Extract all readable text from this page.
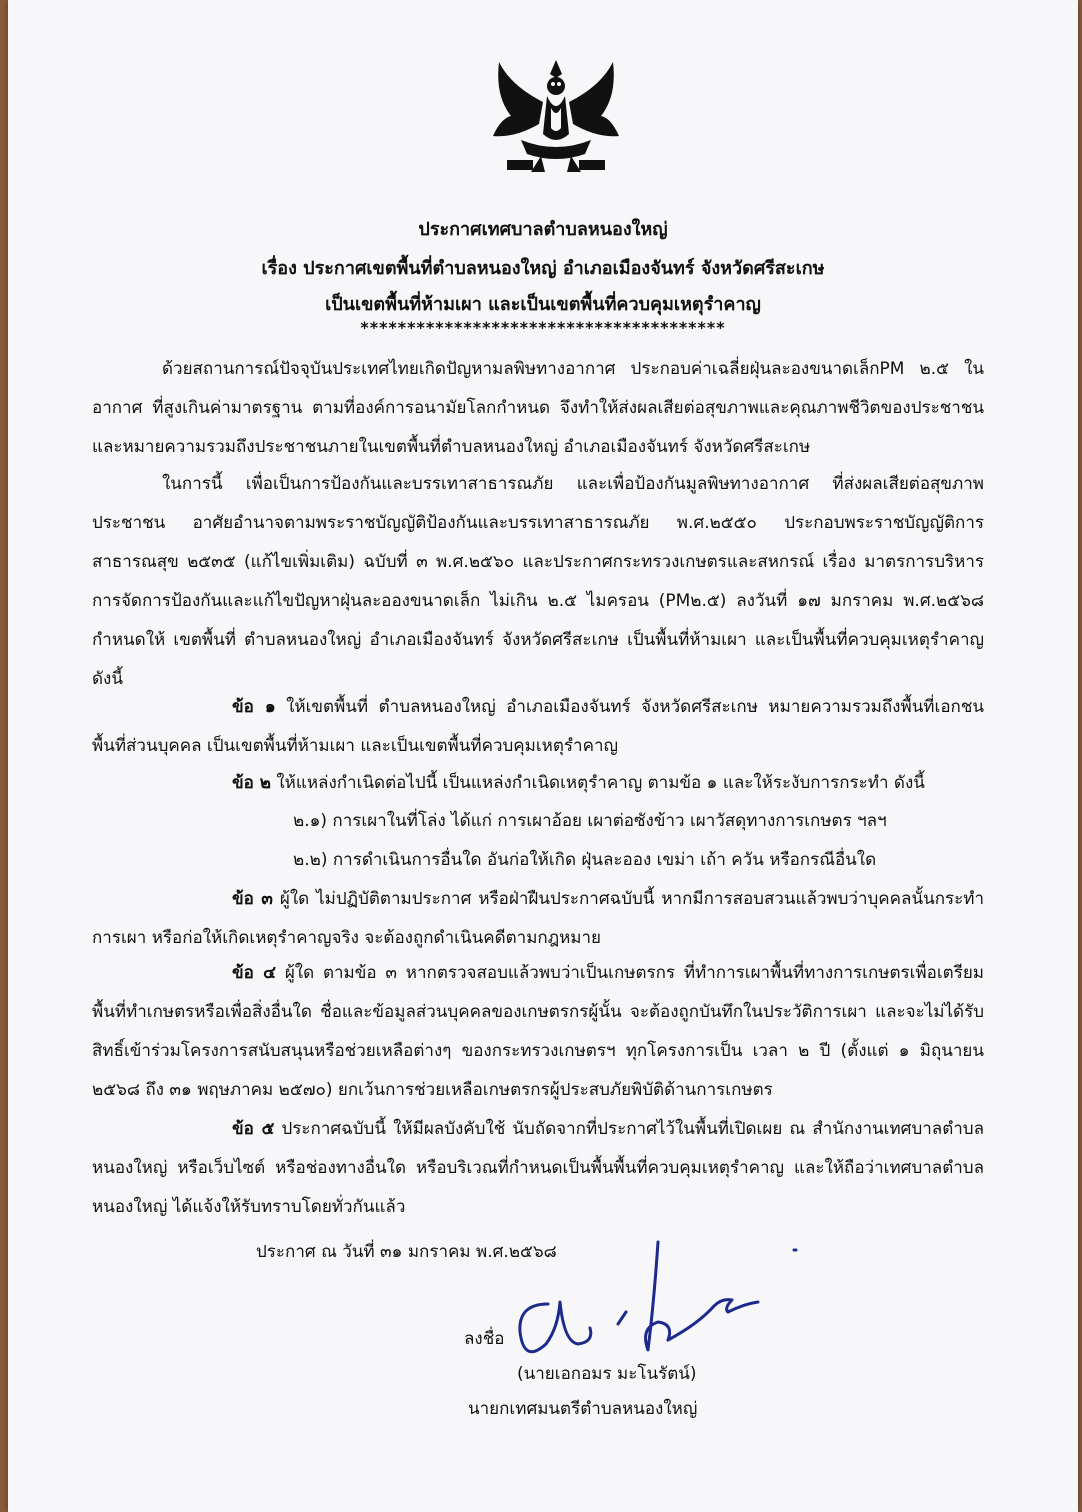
ประกาศเทศบาลตำบลหนองใหญ่
เรื่อง ประกาศเขตพื้นที่ตำบลหนองใหญ่ อำเภอเมืองจันทร์ จังหวัดศรีสะเกษ
เป็นเขตพื้นที่ห้ามเผา และเป็นเขตพื้นที่ควบคุมเหตุรำคาญ
***************************************
ด้วยสถานการณ์ปัจจุบันประเทศไทยเกิดปัญหามลพิษทางอากาศ ประกอบค่าเฉลี่ยฝุ่นละองขนาดเล็กPM ๒.๕ ในอากาศ ที่สูงเกินค่ามาตรฐาน ตามที่องค์การอนามัยโลกกำหนด จึงทำให้ส่งผลเสียต่อสุขภาพและคุณภาพชีวิตของประชาชน และหมายความรวมถึงประชาชนภายในเขตพื้นที่ตำบลหนองใหญ่ อำเภอเมืองจันทร์ จังหวัดศรีสะเกษ
ในการนี้ เพื่อเป็นการป้องกันและบรรเทาสาธารณภัย และเพื่อป้องกันมูลพิษทางอากาศ ที่ส่งผลเสียต่อสุขภาพประชาชน อาศัยอำนาจตามพระราชบัญญัติป้องกันและบรรเทาสาธารณภัย พ.ศ.๒๕๕๐ ประกอบพระราชบัญญัติการสาธารณสุข ๒๕๓๕ (แก้ไขเพิ่มเติม) ฉบับที่ ๓ พ.ศ.๒๕๖๐ และประกาศกระทรวงเกษตรและสหกรณ์ เรื่อง มาตรการบริหารการจัดการป้องกันและแก้ไขปัญหาฝุ่นละอองขนาดเล็ก ไม่เกิน ๒.๕ ไมครอน (PM๒.๕) ลงวันที่ ๑๗ มกราคม พ.ศ.๒๕๖๘ กำหนดให้ เขตพื้นที่ ตำบลหนองใหญ่ อำเภอเมืองจันทร์ จังหวัดศรีสะเกษ เป็นพื้นที่ห้ามเผา และเป็นพื้นที่ควบคุมเหตุรำคาญ ดังนี้
ข้อ ๑ ให้เขตพื้นที่ ตำบลหนองใหญ่ อำเภอเมืองจันทร์ จังหวัดศรีสะเกษ หมายความรวมถึงพื้นที่เอกชน พื้นที่ส่วนบุคคล เป็นเขตพื้นที่ห้ามเผา และเป็นเขตพื้นที่ควบคุมเหตุรำคาญ
ข้อ ๒ ให้แหล่งกำเนิดต่อไปนี้ เป็นแหล่งกำเนิดเหตุรำคาญ ตามข้อ ๑ และให้ระงับการกระทำ ดังนี้
๒.๑) การเผาในที่โล่ง ได้แก่ การเผาอ้อย เผาต่อซังข้าว เผาวัสดุทางการเกษตร ฯลฯ
๒.๒) การดำเนินการอื่นใด อันก่อให้เกิด ฝุ่นละออง เขม่า เถ้า ควัน หรือกรณีอื่นใด
ข้อ ๓ ผู้ใด ไม่ปฏิบัติตามประกาศ หรือฝ่าฝืนประกาศฉบับนี้ หากมีการสอบสวนแล้วพบว่าบุคคลนั้นกระทำการเผา หรือก่อให้เกิดเหตุรำคาญจริง จะต้องถูกดำเนินคดีตามกฎหมาย
ข้อ ๔ ผู้ใด ตามข้อ ๓ หากตรวจสอบแล้วพบว่าเป็นเกษตรกร ที่ทำการเผาพื้นที่ทางการเกษตรเพื่อเตรียมพื้นที่ทำเกษตรหรือเพื่อสิ่งอื่นใด ชื่อและข้อมูลส่วนบุคคลของเกษตรกรผู้นั้น จะต้องถูกบันทึกในประวัติการเผา และจะไม่ได้รับสิทธิ์เข้าร่วมโครงการสนับสนุนหรือช่วยเหลือต่างๆ ของกระทรวงเกษตรฯ ทุกโครงการเป็น เวลา ๒ ปี (ตั้งแต่ ๑ มิถุนายน ๒๕๖๘ ถึง ๓๑ พฤษภาคม ๒๕๗๐) ยกเว้นการช่วยเหลือเกษตรกรผู้ประสบภัยพิบัติด้านการเกษตร
ข้อ ๕ ประกาศฉบับนี้ ให้มีผลบังคับใช้ นับถัดจากที่ประกาศไว้ในพื้นที่เปิดเผย ณ สำนักงานเทศบาลตำบลหนองใหญ่ หรือเว็บไซต์ หรือช่องทางอื่นใด หรือบริเวณที่กำหนดเป็นพื้นพื้นที่ควบคุมเหตุรำคาญ และให้ถือว่าเทศบาลตำบลหนองใหญ่ ได้แจ้งให้รับทราบโดยทั่วกันแล้ว
ประกาศ ณ วันที่ ๓๑ มกราคม พ.ศ.๒๕๖๘
ลงชื่อ
(นายเอกอมร มะโนรัตน์)
นายกเทศมนตรีตำบลหนองใหญ่
